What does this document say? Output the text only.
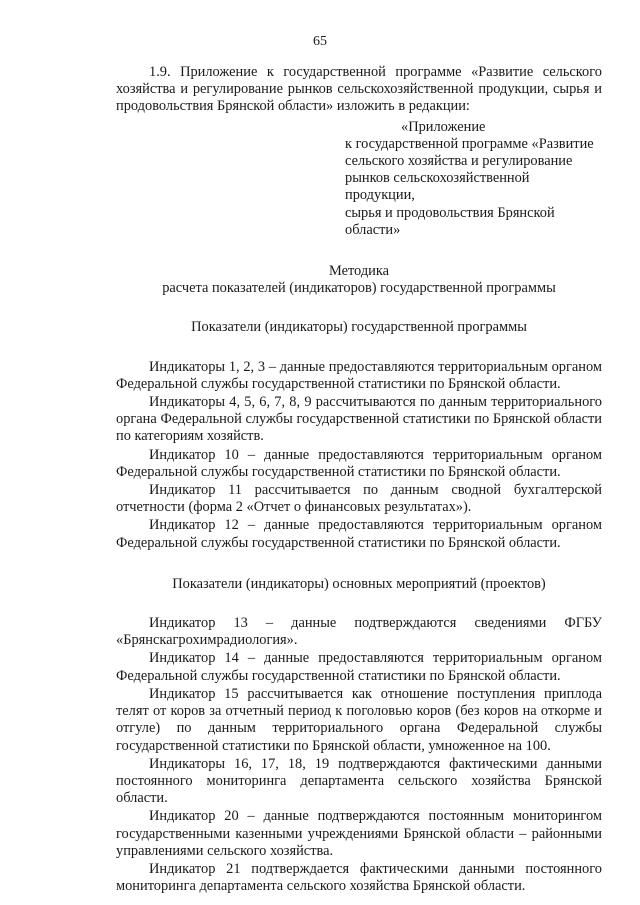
65

1.9. Приложение к государственной программе «Развитие сельского хозяйства и регулирование рынков сельскохозяйственной продукции, сырья и продовольствия Брянской области» изложить в редакции:

«Приложение
к государственной программе «Развитие
сельского хозяйства и регулирование
рынков сельскохозяйственной продукции,
сырья и продовольствия Брянской области»

Методика

расчета показателей (индикаторов) государственной программы

Показатели (индикаторы) государственной программы

Индикаторы 1, 2, 3 – данные предоставляются территориальным органом Федеральной службы государственной статистики по Брянской области.

Индикаторы 4, 5, 6, 7, 8, 9 рассчитываются по данным территориального органа Федеральной службы государственной статистики по Брянской области по категориям хозяйств.

Индикатор 10 – данные предоставляются территориальным органом Федеральной службы государственной статистики по Брянской области.

Индикатор 11 рассчитывается по данным сводной бухгалтерской отчетности (форма 2 «Отчет о финансовых результатах»).

Индикатор 12 – данные предоставляются территориальным органом Федеральной службы государственной статистики по Брянской области.

Показатели (индикаторы) основных мероприятий (проектов)

Индикатор 13 – данные подтверждаются сведениями ФГБУ «Брянскагрохимрадиология».

Индикатор 14 – данные предоставляются территориальным органом Федеральной службы государственной статистики по Брянской области.

Индикатор 15 рассчитывается как отношение поступления приплода телят от коров за отчетный период к поголовью коров (без коров на откорме и отгуле) по данным территориального органа Федеральной службы государственной статистики по Брянской области, умноженное на 100.

Индикаторы 16, 17, 18, 19 подтверждаются фактическими данными постоянного мониторинга департамента сельского хозяйства Брянской области.

Индикатор 20 – данные подтверждаются постоянным мониторингом государственными казенными учреждениями Брянской области – районными управлениями сельского хозяйства.

Индикатор 21 подтверждается фактическими данными постоянного мониторинга департамента сельского хозяйства Брянской области.
